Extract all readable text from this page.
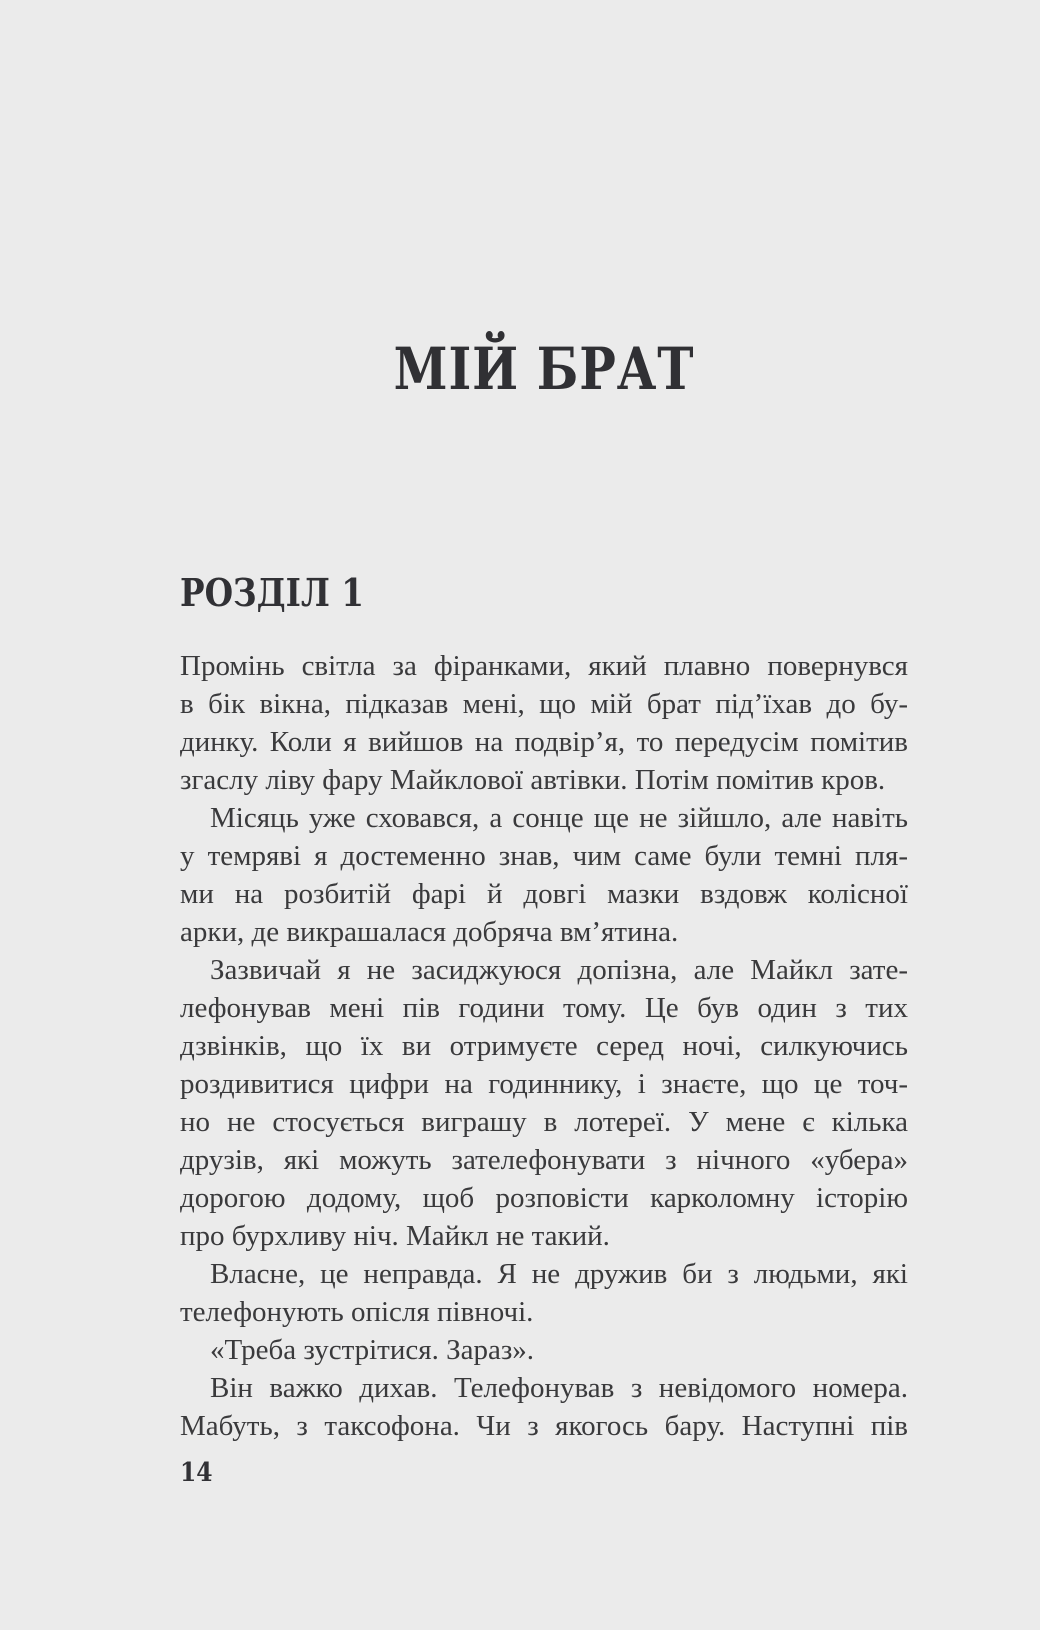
МІЙ БРАТ
РОЗДІЛ 1

Промінь світла за фіранками, який плавно повернувся
в бік вікна, підказав мені, що мій брат під’їхав до бу-
динку. Коли я вийшов на подвір’я, то передусім помітив
згаслу ліву фару Майклової автівки. Потім помітив кров.

Місяць уже сховався, а сонце ще не зійшло, але навіть
у темряві я достеменно знав, чим саме були темні пля-
ми на розбитій фарі й довгі мазки вздовж колісної
арки, де викрашалася добряча вм’ятина.

Зазвичай я не засиджуюся допізна, але Майкл зате-
лефонував мені пів години тому. Це був один з тих
дзвінків, що їх ви отримуєте серед ночі, силкуючись
роздивитися цифри на годиннику, і знаєте, що це точ-
но не стосується виграшу в лотереї. У мене є кілька
друзів, які можуть зателефонувати з нічного «убера»
дорогою додому, щоб розповісти карколомну історію
про бурхливу ніч. Майкл не такий.

Власне, це неправда. Я не дружив би з людьми, які
телефонують опісля півночі.

«Треба зустрітися. Зараз».

Він важко дихав. Телефонував з невідомого номера.
Мабуть, з таксофона. Чи з якогось бару. Наступні пів

14
